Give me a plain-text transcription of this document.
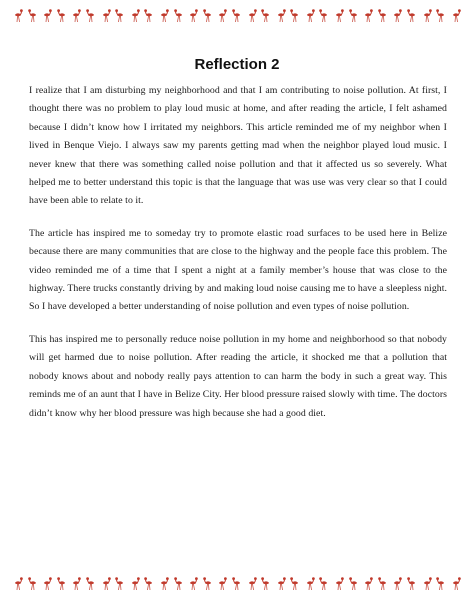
Reflection 2

I realize that I am disturbing my neighborhood and that I am contributing to noise pollution. At first, I thought there was no problem to play loud music at home, and after reading the article, I felt ashamed because I didn’t know how I irritated my neighbors. This article reminded me of my neighbor when I lived in Benque Viejo. I always saw my parents getting mad when the neighbor played loud music. I never knew that there was something called noise pollution and that it affected us so severely. What helped me to better understand this topic is that the language that was use was very clear so that I could have been able to relate to it.

The article has inspired me to someday try to promote elastic road surfaces to be used here in Belize because there are many communities that are close to the highway and the people face this problem. The video reminded me of a time that I spent a night at a family member’s house that was close to the highway. There trucks constantly driving by and making loud noise causing me to have a sleepless night. So I have developed a better understanding of noise pollution and even types of noise pollution.

This has inspired me to personally reduce noise pollution in my home and neighborhood so that nobody will get harmed due to noise pollution. After reading the article, it shocked me that a pollution that nobody knows about and nobody really pays attention to can harm the body in such a great way. This reminds me of an aunt that I have in Belize City. Her blood pressure raised slowly with time. The doctors didn’t know why her blood pressure was high because she had a good diet.
